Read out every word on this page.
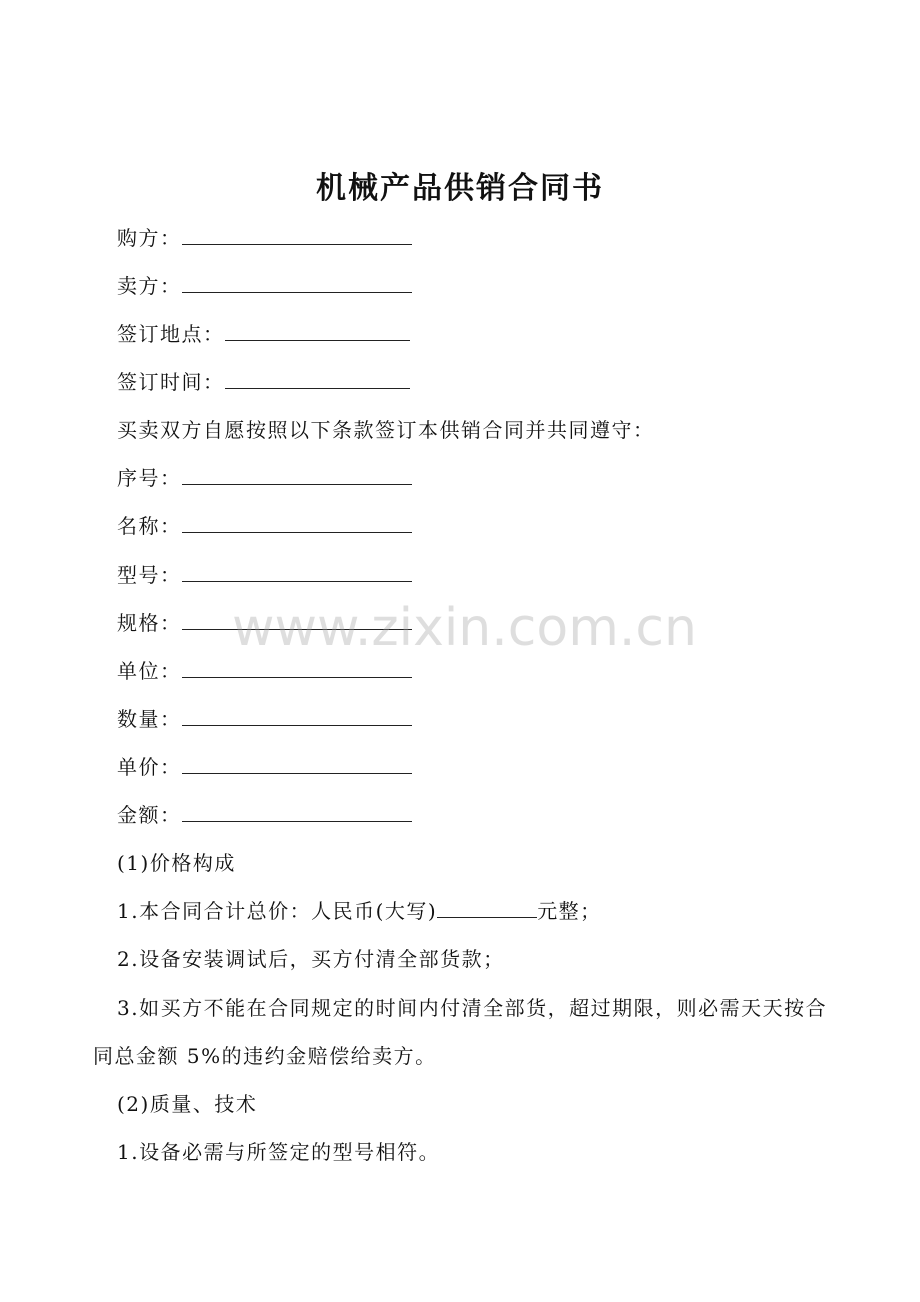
机械产品供销合同书
购方：
卖方：
签订地点：
签订时间：
买卖双方自愿按照以下条款签订本供销合同并共同遵守：
序号：
名称：
型号：
规格：
单位：
数量：
单价：
金额：
(1)价格构成
1.本合同合计总价：人民币(大写)	元整；
2.设备安装调试后，买方付清全部货款；
3.如买方不能在合同规定的时间内付清全部货，超过期限，则必需天天按合同总金额 5%的违约金赔偿给卖方。
(2)质量、技术
1.设备必需与所签定的型号相符。
www.zixin.com.cn
